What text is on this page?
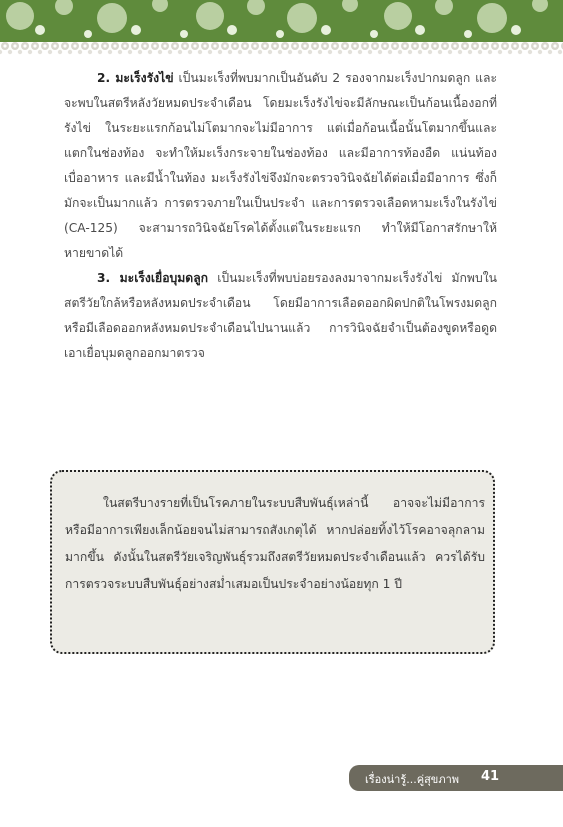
2. มะเร็งรังไข่ เป็นมะเร็งที่พบมากเป็นอันดับ 2 รองจากมะเร็งปากมดลูก และจะพบในสตรีหลังวัยหมดประจำเดือน โดยมะเร็งรังไข่จะมีลักษณะเป็นก้อนเนื้องอกที่รังไข่ ในระยะแรกก้อนไม่โตมากจะไม่มีอาการ แต่เมื่อก้อนเนื้อนั้นโตมากขึ้นและแตกในช่องท้อง จะทำให้มะเร็งกระจายในช่องท้อง และมีอาการท้องอืด แน่นท้อง เบื่ออาหาร และมีน้ำในท้อง มะเร็งรังไข่จึงมักจะตรวจวินิจฉัยได้ต่อเมื่อมีอาการ ซึ่งก็มักจะเป็นมากแล้ว การตรวจภายในเป็นประจำ และการตรวจเลือดหามะเร็งในรังไข่ (CA-125) จะสามารถวินิจฉัยโรคได้ตั้งแต่ในระยะแรก ทำให้มีโอกาสรักษาให้หายขาดได้

3. มะเร็งเยื่อบุมดลูก เป็นมะเร็งที่พบบ่อยรองลงมาจากมะเร็งรังไข่ มักพบในสตรีวัยใกล้หรือหลังหมดประจำเดือน โดยมีอาการเลือดออกผิดปกติในโพรงมดลูก หรือมีเลือดออกหลังหมดประจำเดือนไปนานแล้ว การวินิจฉัยจำเป็นต้องขูดหรือดูดเอาเยื่อบุมดลูกออกมาตรวจ

ในสตรีบางรายที่เป็นโรคภายในระบบสืบพันธุ์เหล่านี้ อาจจะไม่มีอาการ หรือมีอาการเพียงเล็กน้อยจนไม่สามารถสังเกตุได้ หากปล่อยทิ้งไว้โรคอาจลุกลามมากขึ้น ดังนั้นในสตรีวัยเจริญพันธุ์รวมถึงสตรีวัยหมดประจำเดือนแล้ว ควรได้รับการตรวจระบบสืบพันธุ์อย่างสม่ำเสมอเป็นประจำอย่างน้อยทุก 1 ปี

เรื่องน่ารู้...คู่สุขภาพ 41
